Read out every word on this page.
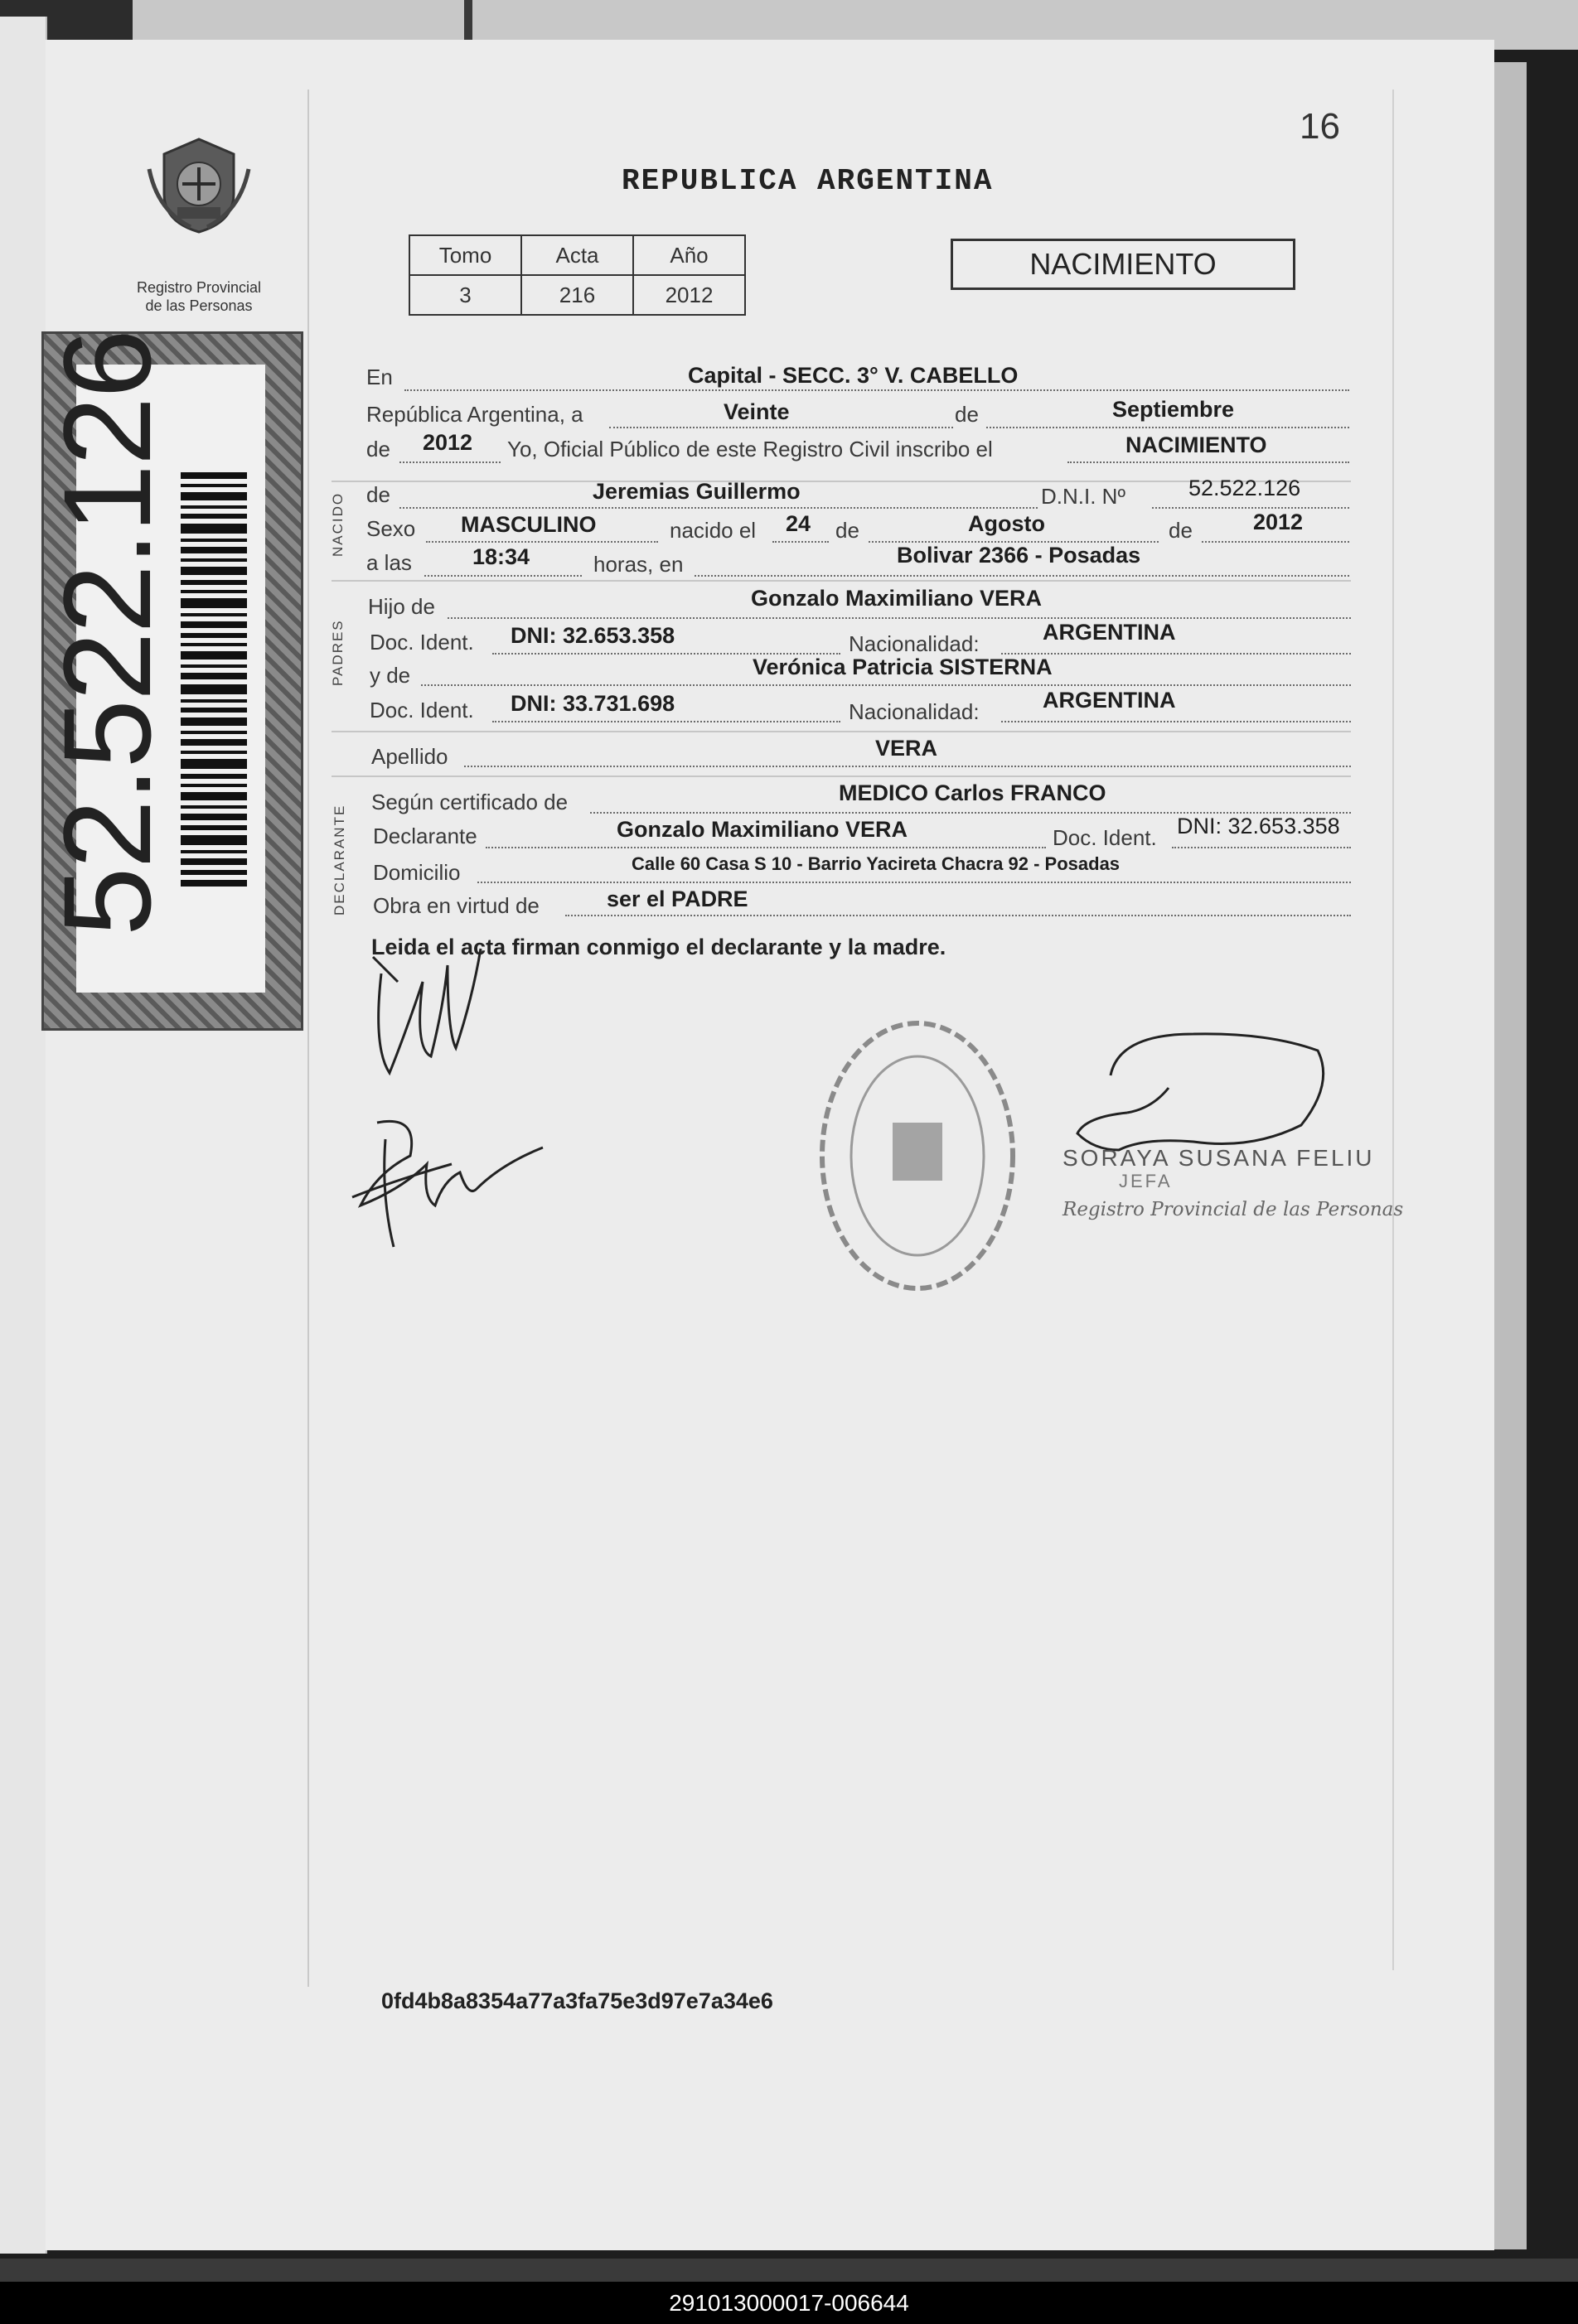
16
REPUBLICA ARGENTINA
Registro Provincial
de las Personas
Tomo	Acta	Año
3	216	2012
NACIMIENTO
52.522.126	NACIDO
PADRES
DECLARANTE
En	Capital - SECC. 3° V. CABELLO
República Argentina, a	Veinte	de	Septiembre
de 2012 Yo, Oficial Público de este Registro Civil inscribo el	NACIMIENTO
de	Jeremias Guillermo	D.N.I. Nº	52.522.126
Sexo MASCULINO	nacido el 24 de	Agosto	de	2012
a las	18:34	horas, en	Bolivar 2366 - Posadas
Hijo de	Gonzalo Maximiliano VERA
Doc. Ident. DNI: 32.653.358	Nacionalidad:	ARGENTINA
y de	Verónica Patricia SISTERNA
Doc. Ident. DNI: 33.731.698	Nacionalidad:	ARGENTINA
Apellido	VERA
Según certificado de	MEDICO Carlos FRANCO
Declarante	Gonzalo Maximiliano VERA	Doc. Ident. DNI: 32.653.358
Domicilio	Calle 60 Casa S 10 - Barrio Yacireta Chacra 92 - Posadas
Obra en virtud de	ser el PADRE
Leida el acta firman conmigo el declarante y la madre.
SORAYA SUSANA FELIU
JEFA
Registro Provincial de las Personas
0fd4b8a8354a77a3fa75e3d97e7a34e6
291013000017-006644
